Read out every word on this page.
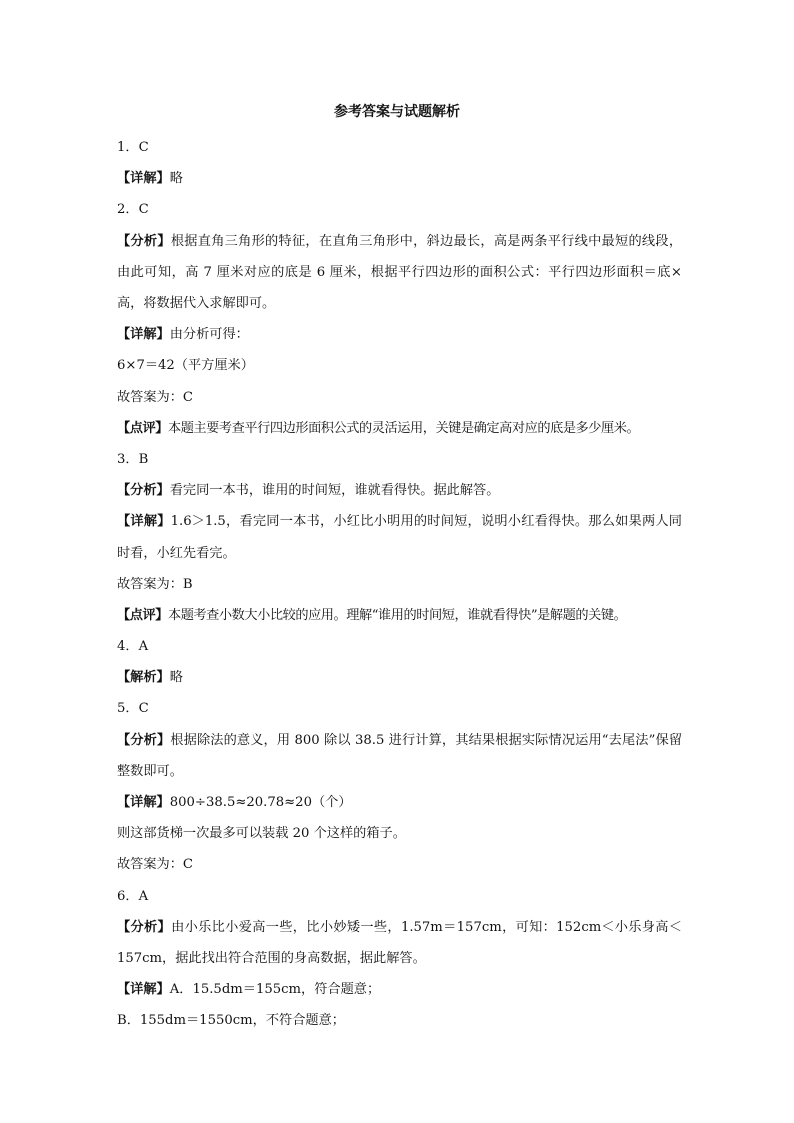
参考答案与试题解析
1．C
【详解】略
2．C
【分析】根据直角三角形的特征，在直角三角形中，斜边最长，高是两条平行线中最短的线段，由此可知，高 7 厘米对应的底是 6 厘米，根据平行四边形的面积公式：平行四边形面积＝底×高，将数据代入求解即可。
【详解】由分析可得：
6×7＝42（平方厘米）
故答案为：C
【点评】本题主要考查平行四边形面积公式的灵活运用，关键是确定高对应的底是多少厘米。
3．B
【分析】看完同一本书，谁用的时间短，谁就看得快。据此解答。
【详解】1.6＞1.5，看完同一本书，小红比小明用的时间短，说明小红看得快。那么如果两人同时看，小红先看完。
故答案为：B
【点评】本题考查小数大小比较的应用。理解“谁用的时间短，谁就看得快”是解题的关键。
4．A
【解析】略
5．C
【分析】根据除法的意义，用 800 除以 38.5 进行计算，其结果根据实际情况运用“去尾法”保留整数即可。
【详解】800÷38.5≈20.78≈20（个）
则这部货梯一次最多可以装载 20 个这样的箱子。
故答案为：C
6．A
【分析】由小乐比小爱高一些，比小妙矮一些，1.57m＝157cm，可知：152cm＜小乐身高＜157cm，据此找出符合范围的身高数据，据此解答。
【详解】A．15.5dm＝155cm，符合题意；
B．155dm＝1550cm，不符合题意；
